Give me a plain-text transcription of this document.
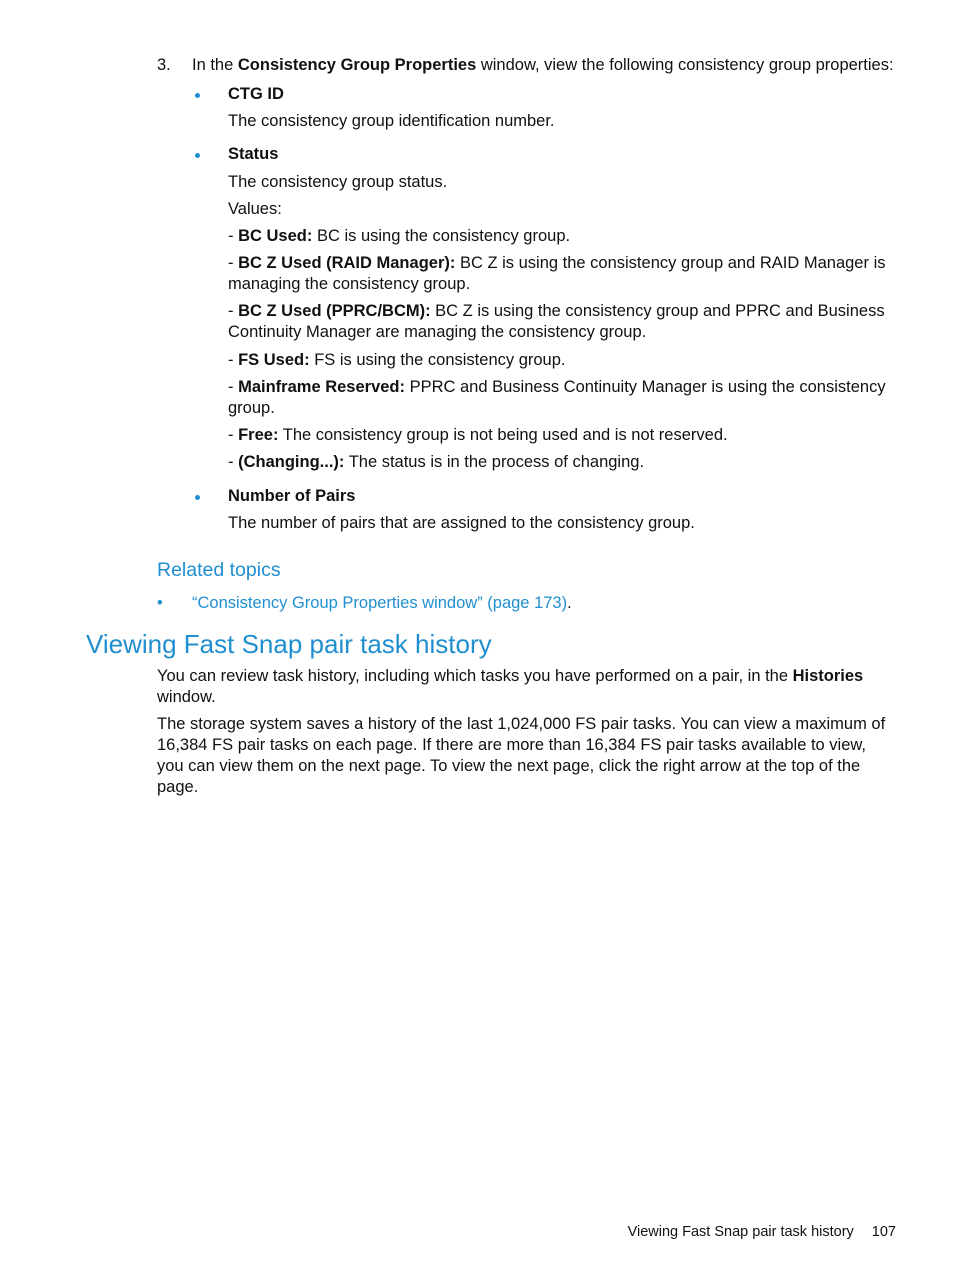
3. In the Consistency Group Properties window, view the following consistency group properties:
CTG ID
The consistency group identification number.
Status
The consistency group status.
Values:
- BC Used: BC is using the consistency group.
- BC Z Used (RAID Manager): BC Z is using the consistency group and RAID Manager is managing the consistency group.
- BC Z Used (PPRC/BCM): BC Z is using the consistency group and PPRC and Business Continuity Manager are managing the consistency group.
- FS Used: FS is using the consistency group.
- Mainframe Reserved: PPRC and Business Continuity Manager is using the consistency group.
- Free: The consistency group is not being used and is not reserved.
- (Changing...): The status is in the process of changing.
Number of Pairs
The number of pairs that are assigned to the consistency group.
Related topics
• “Consistency Group Properties window” (page 173).
Viewing Fast Snap pair task history
You can review task history, including which tasks you have performed on a pair, in the Histories window.
The storage system saves a history of the last 1,024,000 FS pair tasks. You can view a maximum of 16,384 FS pair tasks on each page. If there are more than 16,384 FS pair tasks available to view, you can view them on the next page. To view the next page, click the right arrow at the top of the page.
Viewing Fast Snap pair task history 107
